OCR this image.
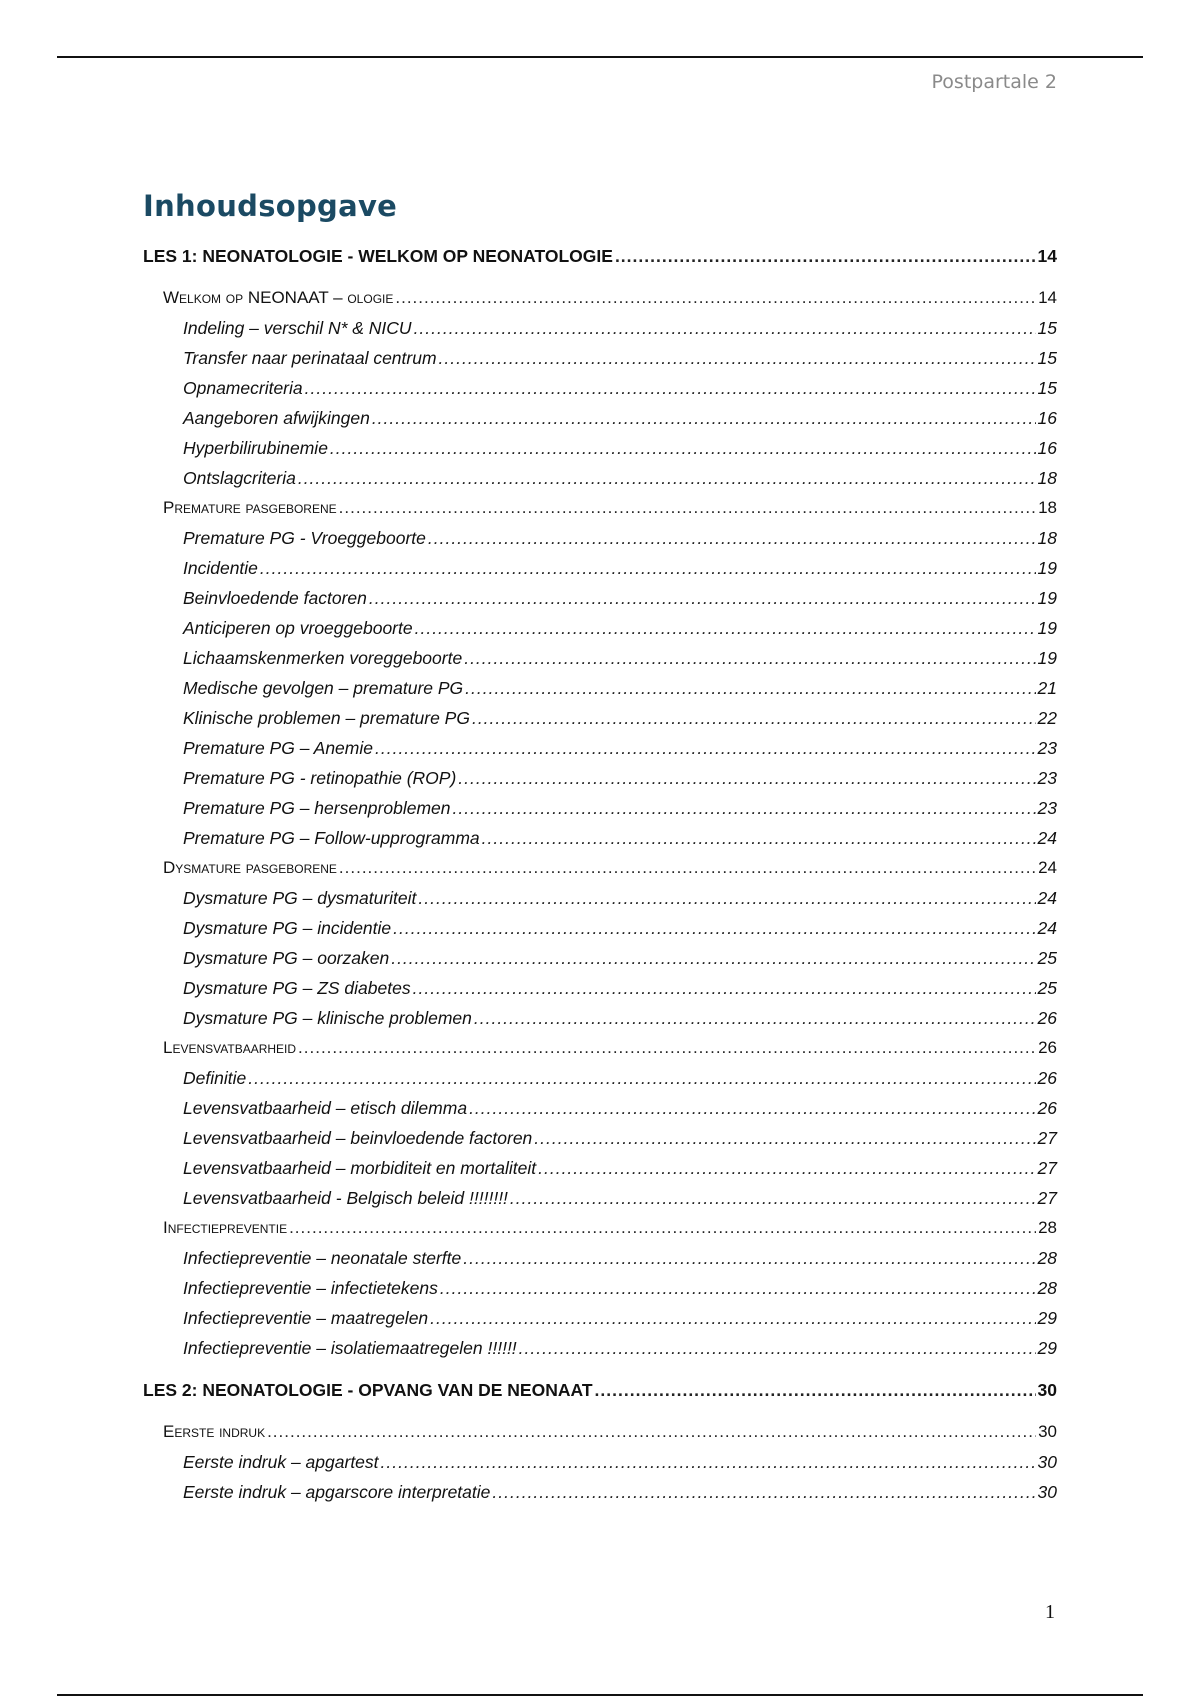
Postpartale 2
Inhoudsopgave
LES 1: NEONATOLOGIE - WELKOM OP NEONATOLOGIE .....	14
Welkom op NEONAAT – ologie .....	14
Indeling – verschil N* & NICU .....	15
Transfer naar perinataal centrum .....	15
Opnamecriteria .....	15
Aangeboren afwijkingen .....	16
Hyperbilirubinemie .....	16
Ontslagcriteria .....	18
Premature pasgeborene .....	18
Premature PG - Vroeggeboorte .....	18
Incidentie .....	19
Beinvloedende factoren .....	19
Anticiperen op vroeggeboorte .....	19
Lichaamskenmerken voreggeboorte .....	19
Medische gevolgen – premature PG .....	21
Klinische problemen – premature PG .....	22
Premature PG – Anemie .....	23
Premature PG - retinopathie (ROP) .....	23
Premature PG – hersenproblemen .....	23
Premature PG – Follow-upprogramma .....	24
Dysmature pasgeborene .....	24
Dysmature PG – dysmaturiteit .....	24
Dysmature PG – incidentie .....	24
Dysmature PG – oorzaken .....	25
Dysmature PG – ZS diabetes .....	25
Dysmature PG – klinische problemen .....	26
Levensvatbaarheid .....	26
Definitie .....	26
Levensvatbaarheid – etisch dilemma .....	26
Levensvatbaarheid – beinvloedende factoren .....	27
Levensvatbaarheid – morbiditeit en mortaliteit .....	27
Levensvatbaarheid - Belgisch beleid !!!!!!!! .....	27
Infectiepreventie .....	28
Infectiepreventie – neonatale sterfte .....	28
Infectiepreventie – infectietekens .....	28
Infectiepreventie – maatregelen .....	29
Infectiepreventie – isolatiemaatregelen !!!!!! .....	29
LES 2: NEONATOLOGIE - OPVANG VAN DE NEONAAT .....	30
Eerste indruk .....	30
Eerste indruk – apgartest .....	30
Eerste indruk – apgarscore interpretatie .....	30
1
